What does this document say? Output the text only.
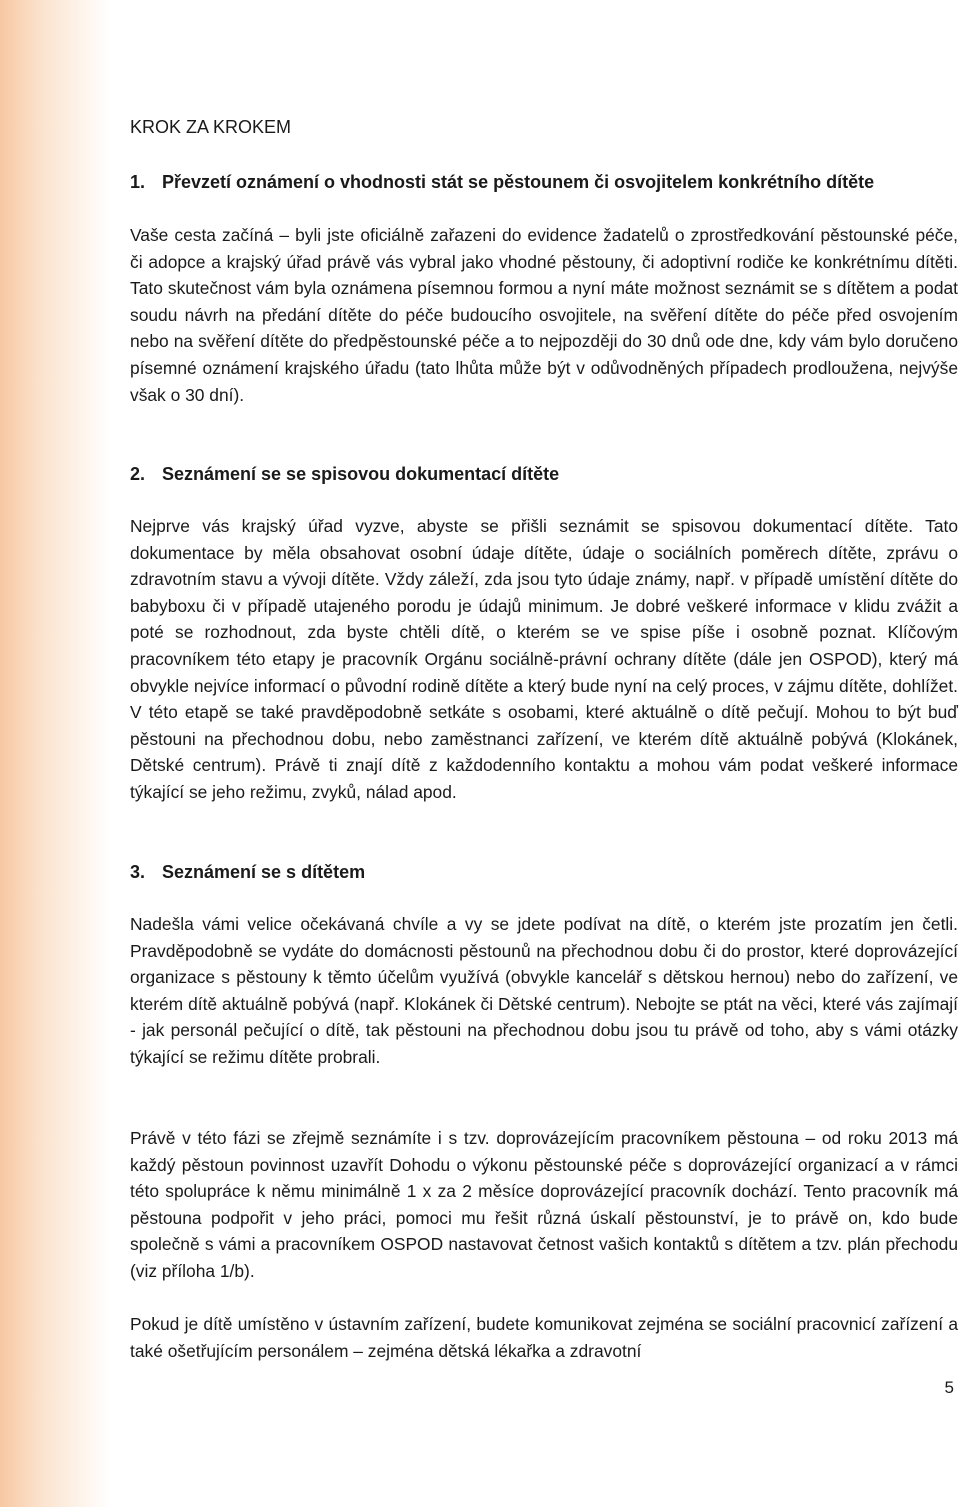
KROK ZA KROKEM
1. Převzetí oznámení o vhodnosti stát se pěstounem či osvojitelem konkrétního dítěte

Vaše cesta začíná – byli jste oficiálně zařazeni do evidence žadatelů o zprostředkování pěstounské péče, či adopce a krajský úřad právě vás vybral jako vhodné pěstouny, či adoptivní rodiče ke konkrétnímu dítěti. Tato skutečnost vám byla oznámena písemnou formou a nyní máte možnost seznámit se s dítětem a podat soudu návrh na předání dítěte do péče budoucího osvojitele, na svěření dítěte do péče před osvojením nebo na svěření dítěte do předpěstounské péče a to nejpozději do 30 dnů ode dne, kdy vám bylo doručeno písemné oznámení krajského úřadu (tato lhůta může být v odůvodněných případech prodloužena, nejvýše však o 30 dní).

2. Seznámení se se spisovou dokumentací dítěte

Nejprve vás krajský úřad vyzve, abyste se přišli seznámit se spisovou dokumentací dítěte. Tato dokumentace by měla obsahovat osobní údaje dítěte, údaje o sociálních poměrech dítěte, zprávu o zdravotním stavu a vývoji dítěte. Vždy záleží, zda jsou tyto údaje známy, např. v případě umístění dítěte do babyboxu či v případě utajeného porodu je údajů minimum. Je dobré veškeré informace v klidu zvážit a poté se rozhodnout, zda byste chtěli dítě, o kterém se ve spise píše i osobně poznat. Klíčovým pracovníkem této etapy je pracovník Orgánu sociálně-právní ochrany dítěte (dále jen OSPOD), který má obvykle nejvíce informací o původní rodině dítěte a který bude nyní na celý proces, v zájmu dítěte, dohlížet. V této etapě se také pravděpodobně setkáte s osobami, které aktuálně o dítě pečují. Mohou to být buď pěstouni na přechodnou dobu, nebo zaměstnanci zařízení, ve kterém dítě aktuálně pobývá (Klokánek, Dětské centrum). Právě ti znají dítě z každodenního kontaktu a mohou vám podat veškeré informace týkající se jeho režimu, zvyků, nálad apod.

3. Seznámení se s dítětem

Nadešla vámi velice očekávaná chvíle a vy se jdete podívat na dítě, o kterém jste prozatím jen četli. Pravděpodobně se vydáte do domácnosti pěstounů na přechodnou dobu či do prostor, které doprovázející organizace s pěstouny k těmto účelům využívá (obvykle kancelář s dětskou hernou) nebo do zařízení, ve kterém dítě aktuálně pobývá (např. Klokánek či Dětské centrum). Nebojte se ptát na věci, které vás zajímají - jak personál pečující o dítě, tak pěstouni na přechodnou dobu jsou tu právě od toho, aby s vámi otázky týkající se režimu dítěte probrali.

Právě v této fázi se zřejmě seznámíte i s tzv. doprovázejícím pracovníkem pěstouna – od roku 2013 má každý pěstoun povinnost uzavřít Dohodu o výkonu pěstounské péče s doprovázející organizací a v rámci této spolupráce k němu minimálně 1 x za 2 měsíce doprovázející pracovník dochází. Tento pracovník má pěstouna podpořit v jeho práci, pomoci mu řešit různá úskalí pěstounství, je to právě on, kdo bude společně s vámi a pracovníkem OSPOD nastavovat četnost vašich kontaktů s dítětem a tzv. plán přechodu (viz příloha 1/b).

Pokud je dítě umístěno v ústavním zařízení, budete komunikovat zejména se sociální pracovnicí zařízení a také ošetřujícím personálem – zejména dětská lékařka a zdravotní

5
